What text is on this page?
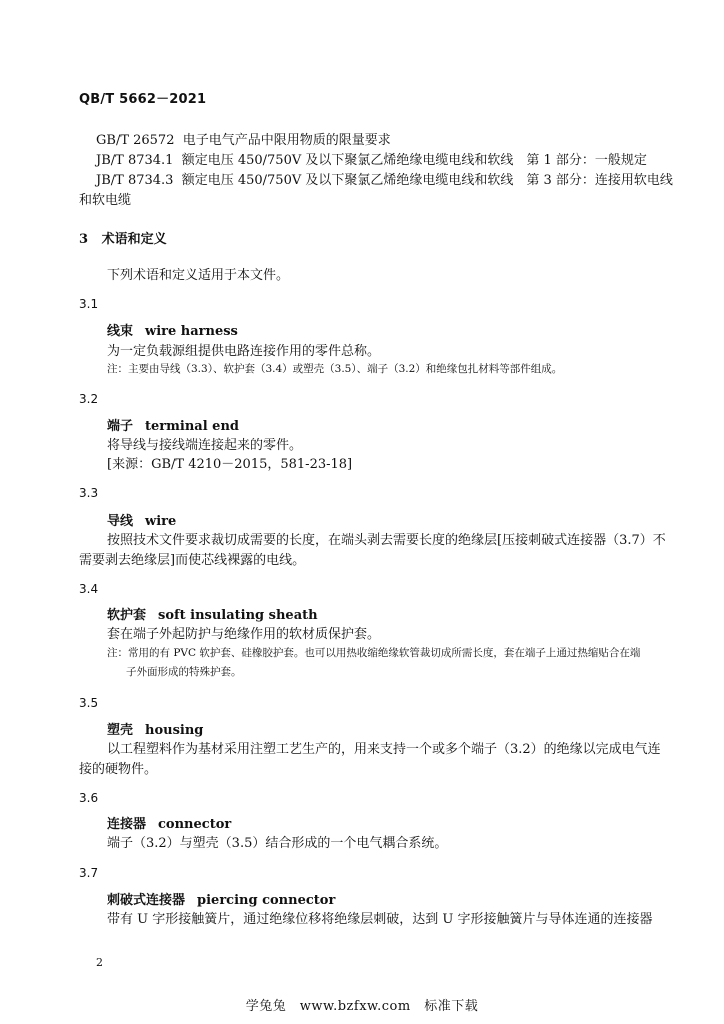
QB/T 5662－2021
GB/T 26572 电子电气产品中限用物质的限量要求
JB/T 8734.1 额定电压 450/750V 及以下聚氯乙烯绝缘电缆电线和软线　第 1 部分：一般规定
JB/T 8734.3 额定电压 450/750V 及以下聚氯乙烯绝缘电缆电线和软线　第 3 部分：连接用软电线
和软电缆
3 术语和定义
下列术语和定义适用于本文件。
3.1
线束 wire harness
为一定负载源组提供电路连接作用的零件总称。
注：主要由导线（3.3）、软护套（3.4）或塑壳（3.5）、端子（3.2）和绝缘包扎材料等部件组成。
3.2
端子 terminal end
将导线与接线端连接起来的零件。
[来源：GB/T 4210－2015，581-23-18]
3.3
导线 wire
按照技术文件要求裁切成需要的长度，在端头剥去需要长度的绝缘层[压接刺破式连接器（3.7）不
需要剥去绝缘层]而使芯线裸露的电线。
3.4
软护套 soft insulating sheath
套在端子外起防护与绝缘作用的软材质保护套。
注：常用的有 PVC 软护套、硅橡胶护套。也可以用热收缩绝缘软管裁切成所需长度，套在端子上通过热缩贴合在端
子外面形成的特殊护套。
3.5
塑壳 housing
以工程塑料作为基材采用注塑工艺生产的，用来支持一个或多个端子（3.2）的绝缘以完成电气连
接的硬物件。
3.6
连接器 connector
端子（3.2）与塑壳（3.5）结合形成的一个电气耦合系统。
3.7
刺破式连接器 piercing connector
带有 U 字形接触簧片，通过绝缘位移将绝缘层刺破，达到 U 字形接触簧片与导体连通的连接器
2
学兔兔　www.bzfxw.com　标准下载
